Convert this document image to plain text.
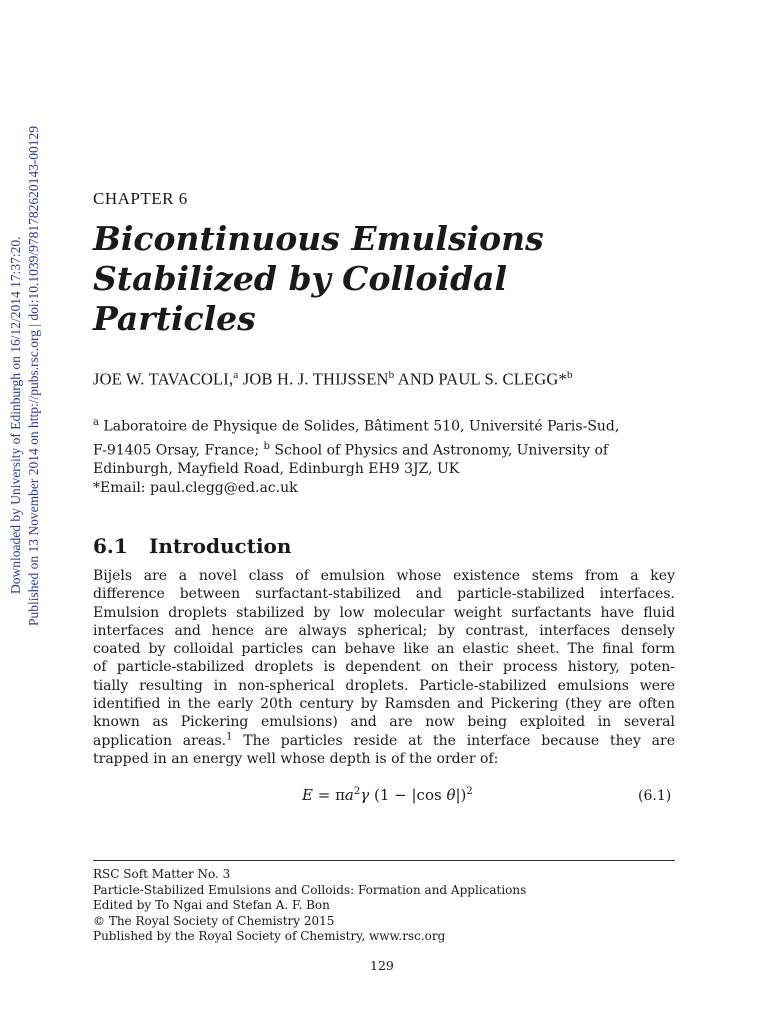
Downloaded by University of Edinburgh on 16/12/2014 17:37:20. Published on 13 November 2014 on http://pubs.rsc.org | doi:10.1039/9781782620143-00129	CHAPTER 6
Bicontinuous Emulsions
Stabilized by Colloidal
Particles
JOE W. TAVACOLI,$^a$ JOB H. J. THIJSSEN$^b$ AND PAUL S. CLEGG*$^b$
$^a$ Laboratoire de Physique de Solides, Bâtiment 510, Université Paris-Sud,
F-91405 Orsay, France; $^b$ School of Physics and Astronomy, University of
Edinburgh, Mayfield Road, Edinburgh EH9 3JZ, UK
*Email: paul.clegg@ed.ac.uk
6.1 Introduction
Bijels are a novel class of emulsion whose existence stems from a key
difference between surfactant-stabilized and particle-stabilized interfaces.
Emulsion droplets stabilized by low molecular weight surfactants have fluid
interfaces and hence are always spherical; by contrast, interfaces densely
coated by colloidal particles can behave like an elastic sheet. The final form
of particle-stabilized droplets is dependent on their process history, poten-
tially resulting in non-spherical droplets. Particle-stabilized emulsions were
identified in the early 20th century by Ramsden and Pickering (they are often
known as Pickering emulsions) and are now being exploited in several
application areas.$^1$ The particles reside at the interface because they are
trapped in an energy well whose depth is of the order of:
$E = \pi a^2\gamma$ (1 − |cos θ|)$^2$	(6.1)
RSC Soft Matter No. 3
Particle-Stabilized Emulsions and Colloids: Formation and Applications
Edited by To Ngai and Stefan A. F. Bon
© The Royal Society of Chemistry 2015
Published by the Royal Society of Chemistry, www.rsc.org
129
